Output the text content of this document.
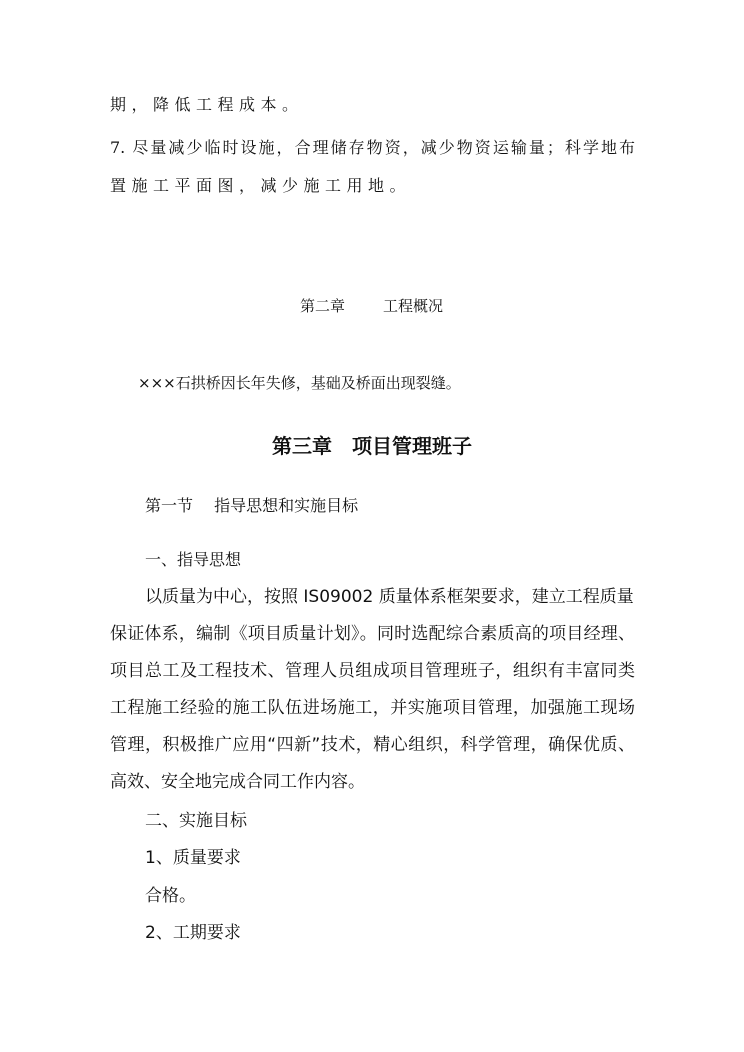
期，降低工程成本。
7. 尽量减少临时设施，合理储存物资，减少物资运输量；科学地布
置施工平面图，减少施工用地。
第二章	工程概况
×××石拱桥因长年失修，基础及桥面出现裂缝。
第三章　项目管理班子
第一节　 指导思想和实施目标
一、指导思想
以质量为中心，按照 IS09002 质量体系框架要求，建立工程质量
保证体系，编制《项目质量计划》。同时选配综合素质高的项目经理、
项目总工及工程技术、管理人员组成项目管理班子，组织有丰富同类
工程施工经验的施工队伍进场施工，并实施项目管理，加强施工现场
管理，积极推广应用“四新”技术，精心组织，科学管理，确保优质、
高效、安全地完成合同工作内容。
二、实施目标
1、质量要求
合格。
2、工期要求
